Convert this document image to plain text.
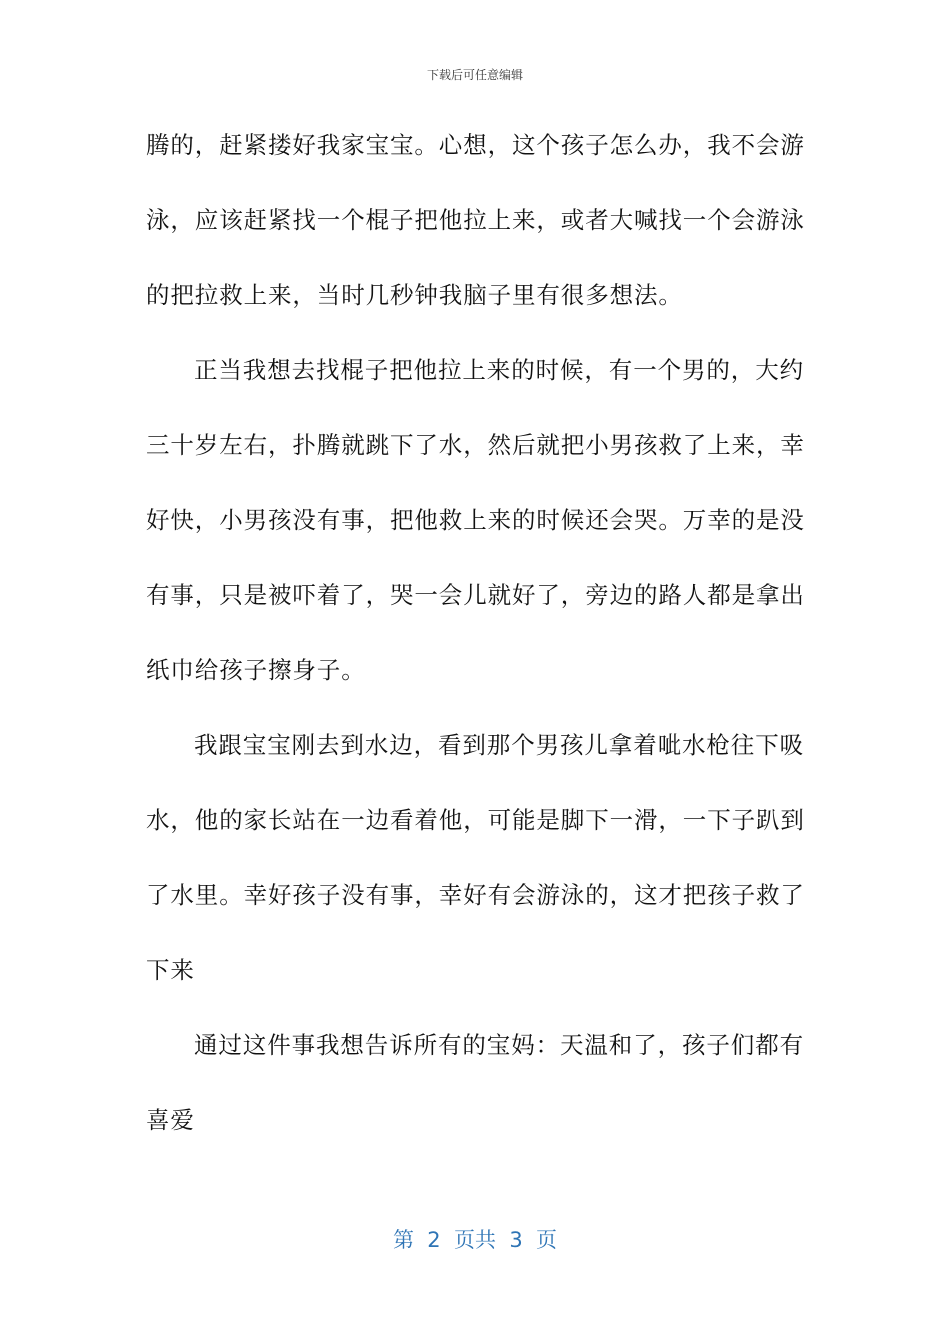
下载后可任意编辑
腾的，赶紧搂好我家宝宝。心想，这个孩子怎么办，我不会游
泳，应该赶紧找一个棍子把他拉上来，或者大喊找一个会游泳
的把拉救上来，当时几秒钟我脑子里有很多想法。
正当我想去找棍子把他拉上来的时候，有一个男的，大约
三十岁左右，扑腾就跳下了水，然后就把小男孩救了上来，幸
好快，小男孩没有事，把他救上来的时候还会哭。万幸的是没
有事，只是被吓着了，哭一会儿就好了，旁边的路人都是拿出
纸巾给孩子擦身子。
我跟宝宝刚去到水边，看到那个男孩儿拿着呲水枪往下吸
水，他的家长站在一边看着他，可能是脚下一滑，一下子趴到
了水里。幸好孩子没有事，幸好有会游泳的，这才把孩子救了
下来
通过这件事我想告诉所有的宝妈：天温和了，孩子们都有
喜爱
第  2  页共  3  页
